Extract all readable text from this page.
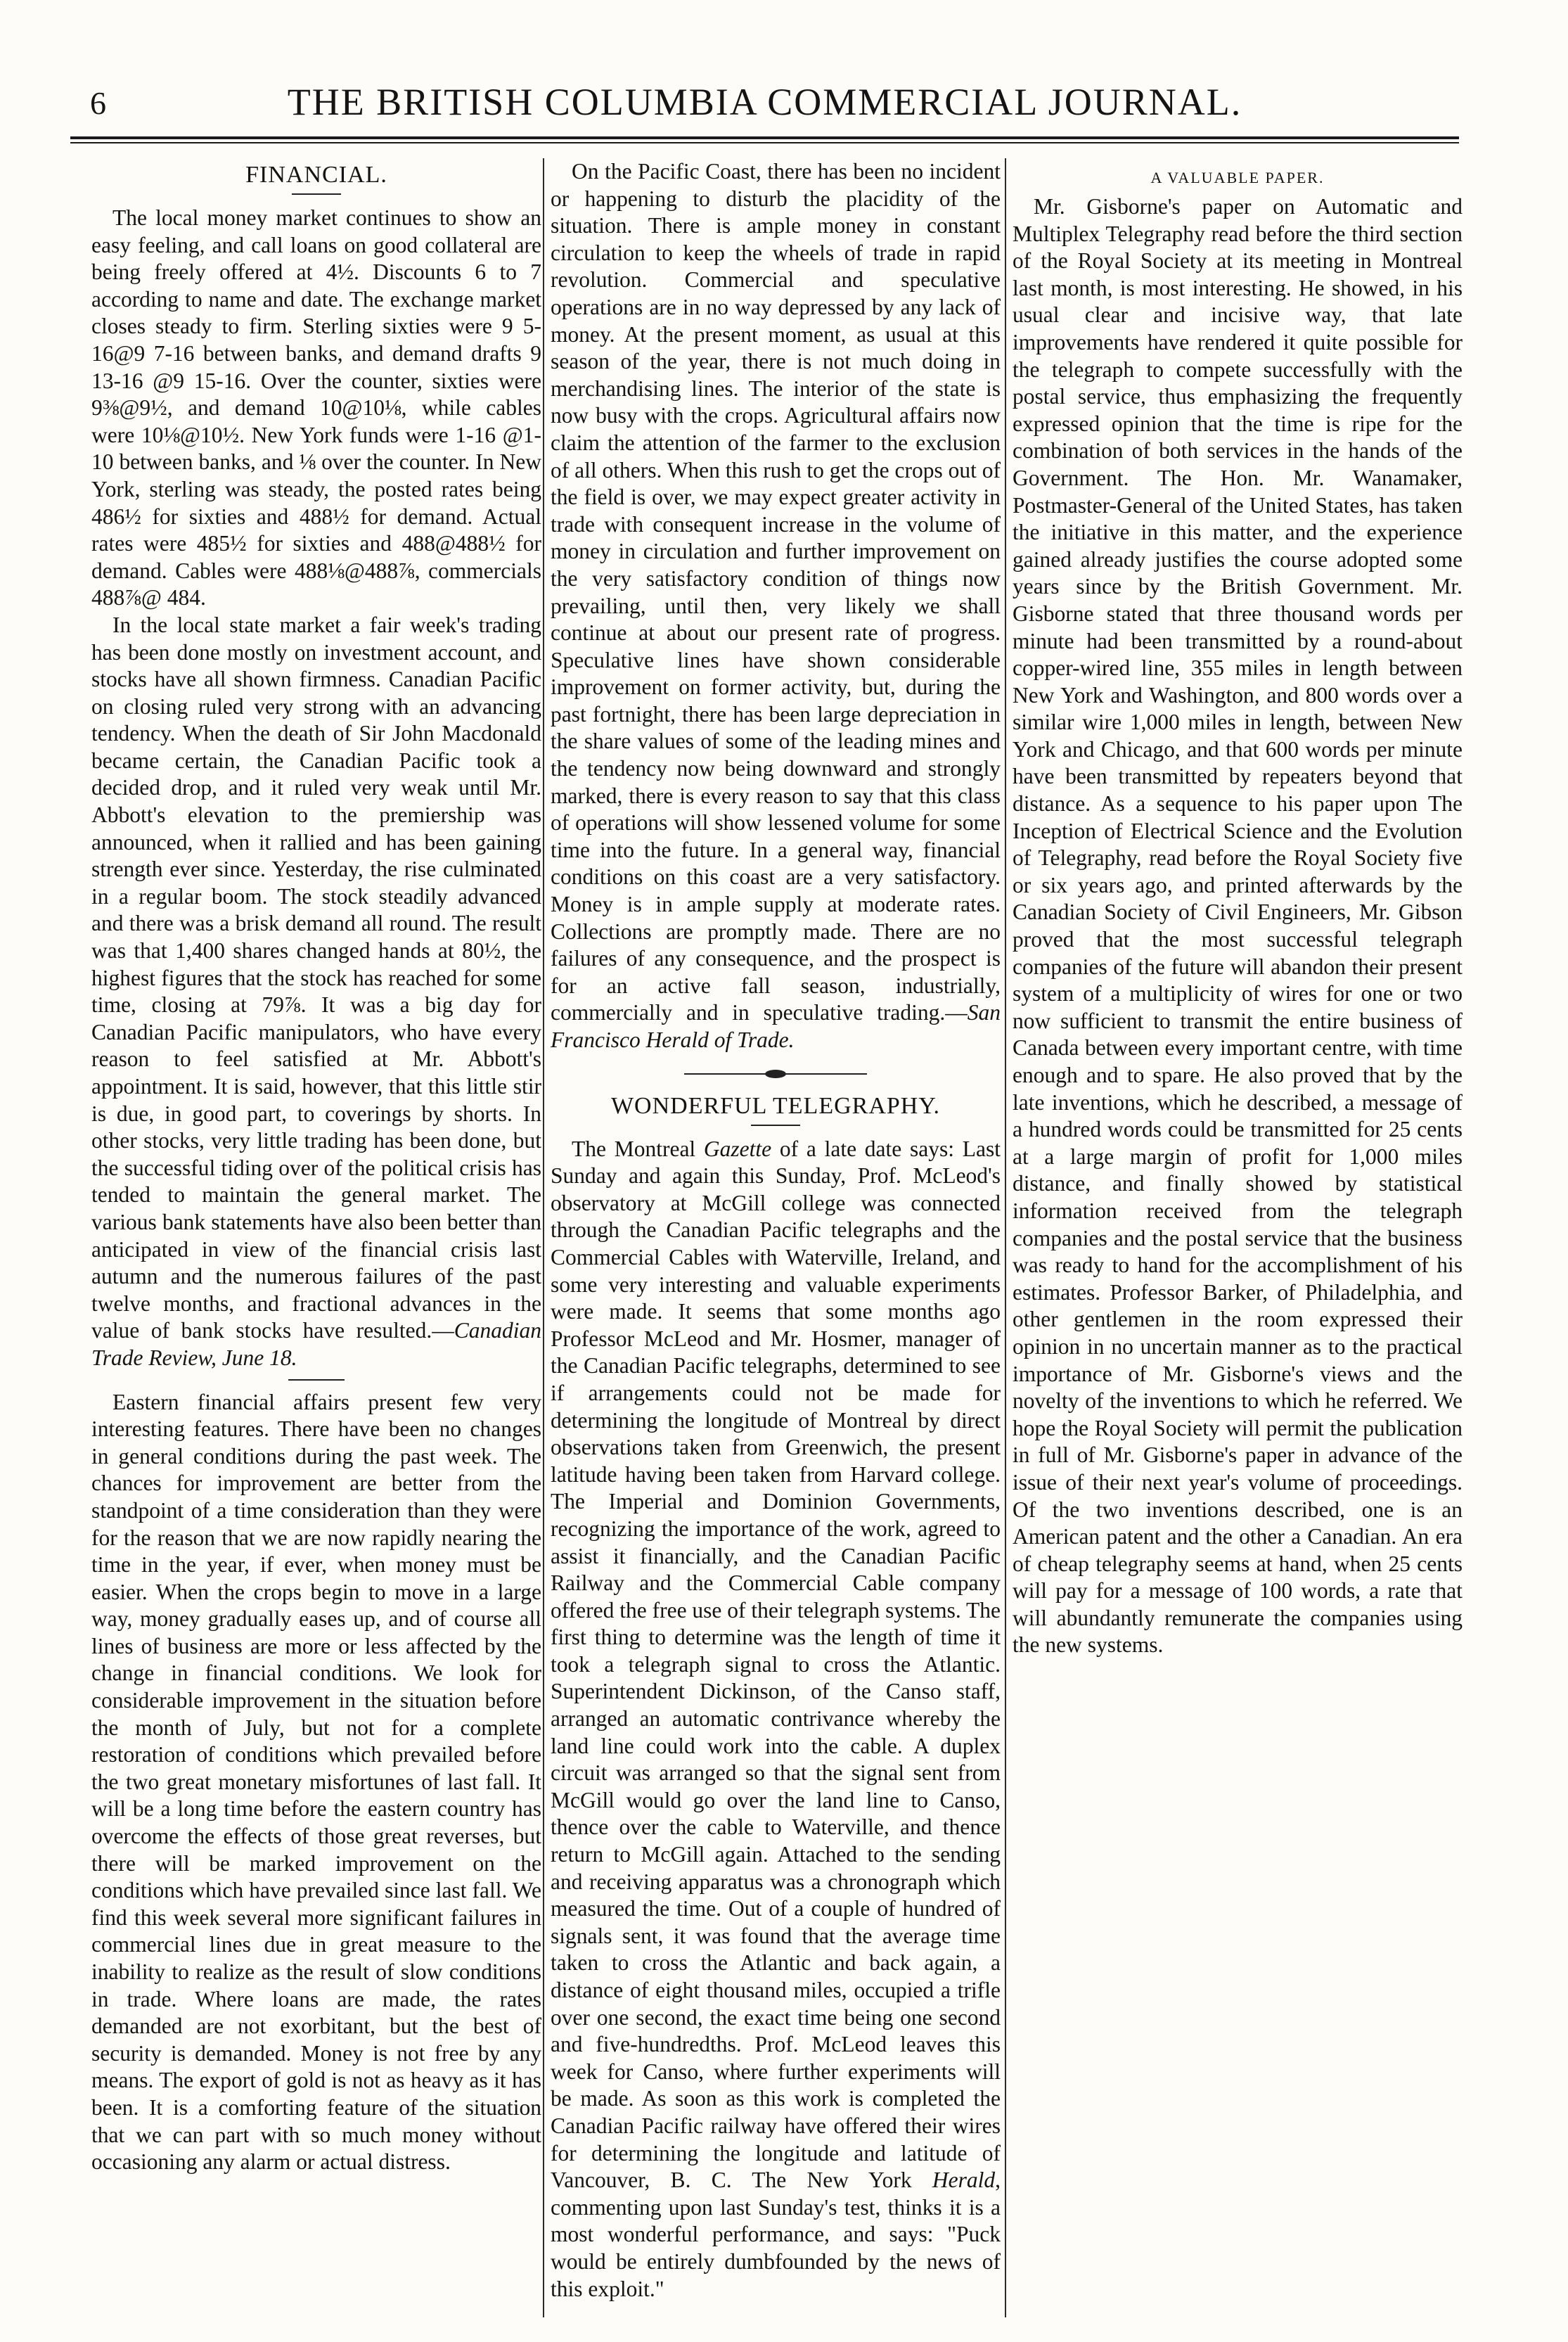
6	THE BRITISH COLUMBIA COMMERCIAL JOURNAL.
FINANCIAL.

The local money market continues to show an easy feeling, and call loans on good collateral are being freely offered at 4½. Discounts 6 to 7 according to name and date. The exchange market closes steady to firm. Sterling sixties were 9 5-16@9 7-16 between banks, and demand drafts 9 13-16 @9 15-16. Over the counter, sixties were 9⅜@9½, and demand 10@10⅛, while cables were 10⅛@10½. New York funds were 1-16 @1-10 between banks, and ⅛ over the counter. In New York, sterling was steady, the posted rates being 486½ for sixties and 488½ for demand. Actual rates were 485½ for sixties and 488@488½ for demand. Cables were 488⅛@488⅞, commercials 488⅞@ 484.

In the local state market a fair week's trading has been done mostly on investment account, and stocks have all shown firmness. Canadian Pacific on closing ruled very strong with an advancing tendency. When the death of Sir John Macdonald became certain, the Canadian Pacific took a decided drop, and it ruled very weak until Mr. Abbott's elevation to the premiership was announced, when it rallied and has been gaining strength ever since. Yesterday, the rise culminated in a regular boom. The stock steadily advanced and there was a brisk demand all round. The result was that 1,400 shares changed hands at 80½, the highest figures that the stock has reached for some time, closing at 79⅞. It was a big day for Canadian Pacific manipulators, who have every reason to feel satisfied at Mr. Abbott's appointment. It is said, however, that this little stir is due, in good part, to coverings by shorts. In other stocks, very little trading has been done, but the successful tiding over of the political crisis has tended to maintain the general market. The various bank statements have also been better than anticipated in view of the financial crisis last autumn and the numerous failures of the past twelve months, and fractional advances in the value of bank stocks have resulted.—Canadian Trade Review, June 18.

Eastern financial affairs present few very interesting features. There have been no changes in general conditions during the past week. The chances for improvement are better from the standpoint of a time consideration than they were for the reason that we are now rapidly nearing the time in the year, if ever, when money must be easier. When the crops begin to move in a large way, money gradually eases up, and of course all lines of business are more or less affected by the change in financial conditions. We look for considerable improvement in the situation before the month of July, but not for a complete restoration of conditions which prevailed before the two great monetary misfortunes of last fall. It will be a long time before the eastern country has overcome the effects of those great reverses, but there will be marked improvement on the conditions which have prevailed since last fall. We find this week several more significant failures in commercial lines due in great measure to the inability to realize as the result of slow conditions in trade. Where loans are made, the rates demanded are not exorbitant, but the best of security is demanded. Money is not free by any means. The export of gold is not as heavy as it has been. It is a comforting feature of the situation that we can part with so much money without occasioning any alarm or actual distress.

On the Pacific Coast, there has been no incident or happening to disturb the placidity of the situation. There is ample money in constant circulation to keep the wheels of trade in rapid revolution. Commercial and speculative operations are in no way depressed by any lack of money. At the present moment, as usual at this season of the year, there is not much doing in merchandising lines. The interior of the state is now busy with the crops. Agricultural affairs now claim the attention of the farmer to the exclusion of all others. When this rush to get the crops out of the field is over, we may expect greater activity in trade with consequent increase in the volume of money in circulation and further improvement on the very satisfactory condition of things now prevailing, until then, very likely we shall continue at about our present rate of progress. Speculative lines have shown considerable improvement on former activity, but, during the past fortnight, there has been large depreciation in the share values of some of the leading mines and the tendency now being downward and strongly marked, there is every reason to say that this class of operations will show lessened volume for some time into the future. In a general way, financial conditions on this coast are a very satisfactory. Money is in ample supply at moderate rates. Collections are promptly made. There are no failures of any consequence, and the prospect is for an active fall season, industrially, commercially and in speculative trading.—San Francisco Herald of Trade.

WONDERFUL TELEGRAPHY.

The Montreal Gazette of a late date says: Last Sunday and again this Sunday, Prof. McLeod's observatory at McGill college was connected through the Canadian Pacific telegraphs and the Commercial Cables with Waterville, Ireland, and some very interesting and valuable experiments were made. It seems that some months ago Professor McLeod and Mr. Hosmer, manager of the Canadian Pacific telegraphs, determined to see if arrangements could not be made for determining the longitude of Montreal by direct observations taken from Greenwich, the present latitude having been taken from Harvard college. The Imperial and Dominion Governments, recognizing the importance of the work, agreed to assist it financially, and the Canadian Pacific Railway and the Commercial Cable company offered the free use of their telegraph systems. The first thing to determine was the length of time it took a telegraph signal to cross the Atlantic. Superintendent Dickinson, of the Canso staff, arranged an automatic contrivance whereby the land line could work into the cable. A duplex circuit was arranged so that the signal sent from McGill would go over the land line to Canso, thence over the cable to Waterville, and thence return to McGill again. Attached to the sending and receiving apparatus was a chronograph which measured the time. Out of a couple of hundred of signals sent, it was found that the average time taken to cross the Atlantic and back again, a distance of eight thousand miles, occupied a trifle over one second, the exact time being one second and five-hundredths. Prof. McLeod leaves this week for Canso, where further experiments will be made. As soon as this work is completed the Canadian Pacific railway have offered their wires for determining the longitude and latitude of Vancouver, B. C. The New York Herald, commenting upon last Sunday's test, thinks it is a most wonderful performance, and says: "Puck would be entirely dumbfounded by the news of this exploit."

A VALUABLE PAPER.

Mr. Gisborne's paper on Automatic and Multiplex Telegraphy read before the third section of the Royal Society at its meeting in Montreal last month, is most interesting. He showed, in his usual clear and incisive way, that late improvements have rendered it quite possible for the telegraph to compete successfully with the postal service, thus emphasizing the frequently expressed opinion that the time is ripe for the combination of both services in the hands of the Government. The Hon. Mr. Wanamaker, Postmaster-General of the United States, has taken the initiative in this matter, and the experience gained already justifies the course adopted some years since by the British Government. Mr. Gisborne stated that three thousand words per minute had been transmitted by a round-about copper-wired line, 355 miles in length between New York and Washington, and 800 words over a similar wire 1,000 miles in length, between New York and Chicago, and that 600 words per minute have been transmitted by repeaters beyond that distance. As a sequence to his paper upon The Inception of Electrical Science and the Evolution of Telegraphy, read before the Royal Society five or six years ago, and printed afterwards by the Canadian Society of Civil Engineers, Mr. Gibson proved that the most successful telegraph companies of the future will abandon their present system of a multiplicity of wires for one or two now sufficient to transmit the entire business of Canada between every important centre, with time enough and to spare. He also proved that by the late inventions, which he described, a message of a hundred words could be transmitted for 25 cents at a large margin of profit for 1,000 miles distance, and finally showed by statistical information received from the telegraph companies and the postal service that the business was ready to hand for the accomplishment of his estimates. Professor Barker, of Philadelphia, and other gentlemen in the room expressed their opinion in no uncertain manner as to the practical importance of Mr. Gisborne's views and the novelty of the inventions to which he referred. We hope the Royal Society will permit the publication in full of Mr. Gisborne's paper in advance of the issue of their next year's volume of proceedings. Of the two inventions described, one is an American patent and the other a Canadian. An era of cheap telegraphy seems at hand, when 25 cents will pay for a message of 100 words, a rate that will abundantly remunerate the companies using the new systems.
